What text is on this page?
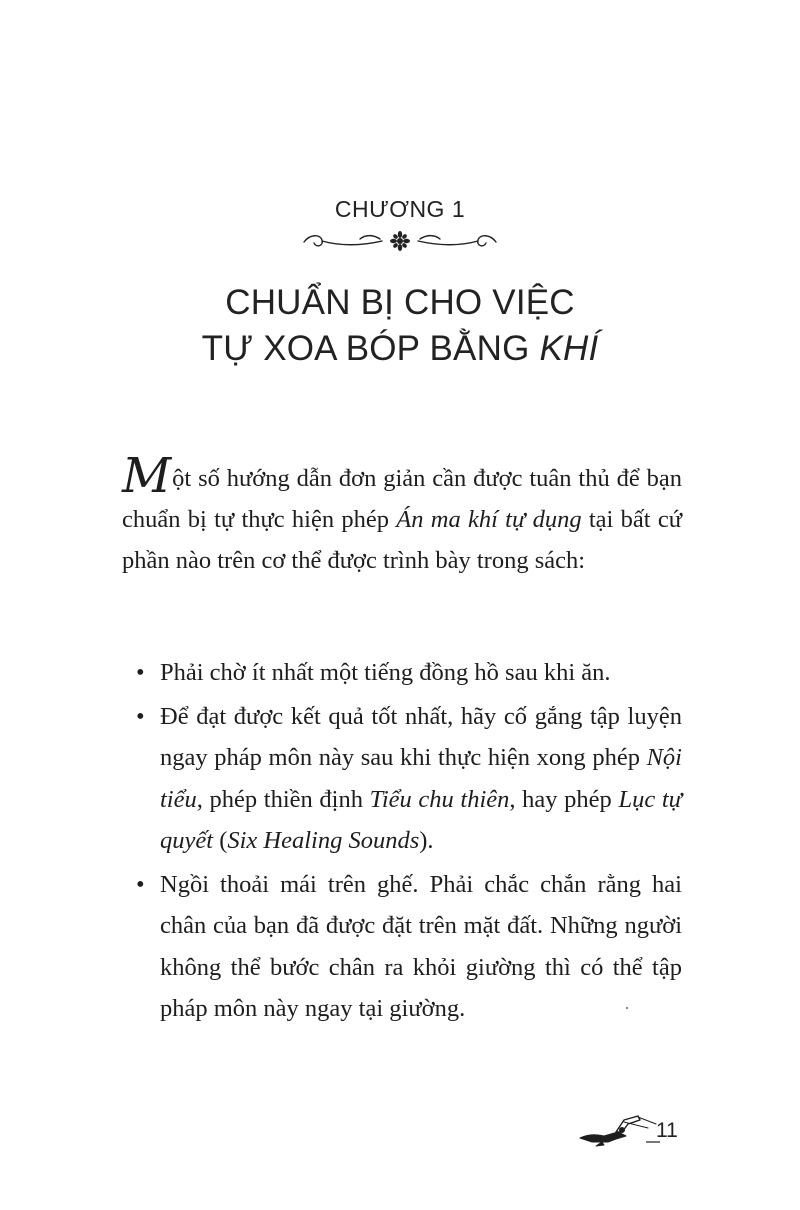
CHƯƠNG 1
CHUẨN BỊ CHO VIỆC
TỰ XOA BÓP BẰNG KHÍ

Một số hướng dẫn đơn giản cần được tuân thủ để bạn chuẩn bị tự thực hiện phép Án ma khí tự dụng tại bất cứ phần nào trên cơ thể được trình bày trong sách:

• Phải chờ ít nhất một tiếng đồng hồ sau khi ăn.
• Để đạt được kết quả tốt nhất, hãy cố gắng tập luyện ngay pháp môn này sau khi thực hiện xong phép Nội tiểu, phép thiền định Tiểu chu thiên, hay phép Lục tự quyết (Six Healing Sounds).
• Ngồi thoải mái trên ghế. Phải chắc chắn rằng hai chân của bạn đã được đặt trên mặt đất. Những người không thể bước chân ra khỏi giường thì có thể tập pháp môn này ngay tại giường.
11
